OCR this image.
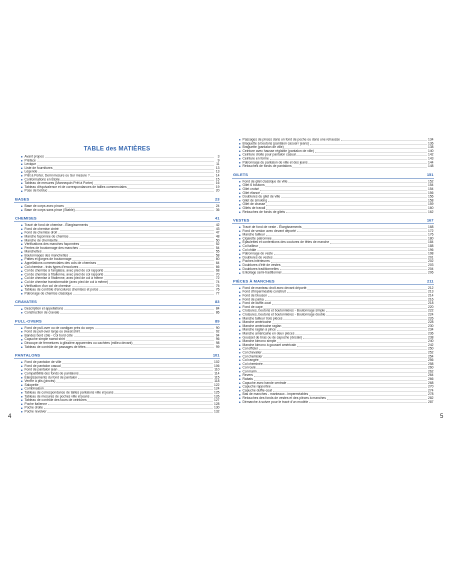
TABLE des MATIÈRES
Avant propos	3
Préface	9
Lexique	11
Liste de fournitures	13
Légende	13
Prêt à Porter, Demi mesure ou Sur mesure ?	14
Conformations en Étoile	15
Tableau de mesures (Mannequin Prêt à Porter)	16
Tableau d'équivalence et de correspondances de tailles commerciales	19
Pose de bolduc	20
BASES	23
Base de corps avec pinces	24
Base de corps sans pince (Stable)	36
CHEMISES	41
Tracé de fond de chemise - Élargissements	42
Fond de chemise cintré	43
Fond de chemise droit	47
Manche façonnée de chemise	48
Manche de chemisette	50
Vérifications des manches façonnées	52
Fentes de boutonnage des manches	54
Manchettes	55
Boutonnages des manchettes	58
Pattes et gorges de boutonnage	60
Appellations commerciales des cols de chemises	64
Col chemise - trois types d'encolures	66
Col de chemise à l'anglaise, avec pied de col rapporté	68
Col de chemise à l'italienne, avec pied de col rapporté	70
Col de chemise à l'italienne, avec pied de col à même	72
Col de chemise transformable (avec pied de col à même)	74
Vérification d'un col de chemise	75
Tableau de contrôle d'encolures chemises et polos	76
Patronage de chemise classique	77
CRAVATES	83
Description et appellations	84
Construction de cravate	86
PULL-OVERS	89
Fond de pull-over ou de cardigan près du corps	90
Fond de pull-over large ou sweat shirt	92
Bandes bord côte - Col bord côte	94
Capuche simple sweat shirt	96
Découpe de fermetures à glissière apparentes ou cachées (milieu devant)	98
Tableau de contrôle de passages de têtes	99
PANTALONS	101
Fond de pantalon de ville	102
Fond de pantalon casual	106
Fond de pantalon jean	110
Compatibilité des fonds de pantalons	114
Élargissements du fond de pantalon	115
Ventre à plis (pincés)	118
Salopette	122
Combinaison	124
Tableau de correspondance de tailles pantalons ville et jeans	125
Tableau de mesures de poches ville et jeans	126
Tableau de contrôle des tours de ceintures	127
Poche italienne	128
Poche droite	130
Poche revolver	132
Passages de pinces dans un fond de poche ou dans une rehausse	134
Braguette à boutons (pantalon casual / jeans)	136
Braguette (pantalon de ville)	138
Ceinture avec hausse réglable (pantalon de ville)	140
Ceinture droite pour pantalon casual	142
Ceinture en forme	143
Patronnage du pantalon de ville et des jeans	144
Retouches de fonds de pantalons	148
GILETS	151
Fond de gilet classique de ville	152
Gilet 6 boutons	154
Gilet croisé	154
Gilet élancé	156
Doublures du gilet de ville	156
Gilet de smoking	158
Gilet de chasse	159
Gilets de travail	160
Retouches de fonds de gilets	162
VESTES	167
Tracé de fond de veste - Élargissements	168
Fond de veston avec devant déporté	172
Manche tailleur	176
Cigarette patronnée	180
Épaulettes et contentions des coutures de têtes de manche	184
Col tailleur	188
Col châle	196
Patronnage de veste	198
Doublures de vestes	201
Poches intérieures	202
Doublures d'été de vestes	203
Doublures traditionnelles	204
Entoilage semi-traditionnel	206
PIÈCES À MANCHES	211
Fond de manteau droit avec devant déporté	212
Fond d'imperméable construit	213
Fond de blouson	214
Fond de parka	216
Fond de duffle-coat	218
Fond de cape	220
Croisures, boutons et boutonnières - Boutonnage simple	222
Croisures, boutons et boutonnières - Boutonnage double	224
Manche tailleur trois pièces	226
Manche américaine	228
Manche américaine raglan	230
Manche raglan à pince	234
Manche américaine en deux pièces	236
Gousset de bras ou de capuche (décalé)	238
Manche kimono simple	240
Manche kimono à gousset américain	242
Col officier	250
Col chevalier	252
Col chemisier	254
Col rangée	256
Col cheminée	258
Col roulé	260
Col marin	262
Revers	264
Rabats	266
Capuche avec bande centrale	268
Capuche rapportée	270
Capuche duffle-coat	274
Bas de manches - manteaux - imperméables	278
Retouches des fonds de vestes et des pièces à manches	282
Démarche à suivre pour le tracé d'un modèle	287
4	5
